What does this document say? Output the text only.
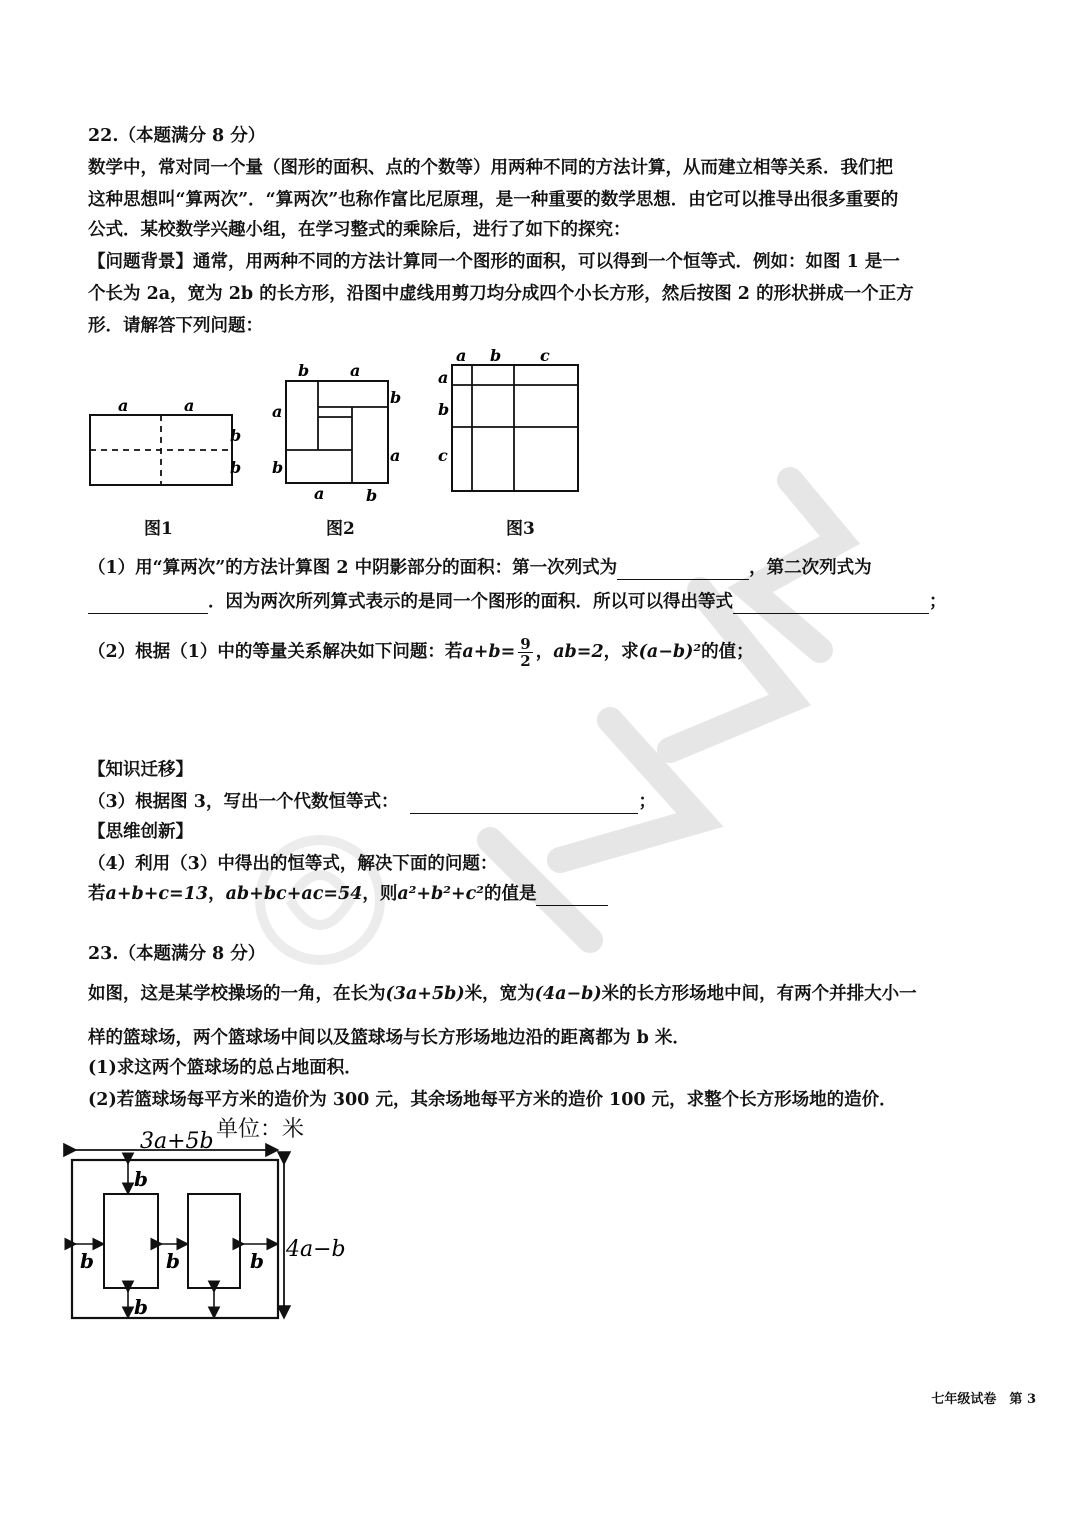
22.（本题满分 8 分）
数学中，常对同一个量（图形的面积、点的个数等）用两种不同的方法计算，从而建立相等关系．我们把
这种思想叫“算两次”．“算两次”也称作富比尼原理，是一种重要的数学思想．由它可以推导出很多重要的
公式．某校数学兴趣小组，在学习整式的乘除后，进行了如下的探究：
【问题背景】通常，用两种不同的方法计算同一个图形的面积，可以得到一个恒等式．例如：如图 1 是一
个长为 2a，宽为 2b 的长方形，沿图中虚线用剪刀均分成四个小长方形，然后按图 2 的形状拼成一个正方
形．请解答下列问题：
a	a
b
b
b	a
a
b
b
a
a	b
a b c
a
b
c
图1	图2	图3
（1）用“算两次”的方法计算图 2 中阴影部分的面积：第一次列式为	，第二次列式为
．因为两次所列算式表示的是同一个图形的面积．所以可以得出等式	；
（2）根据（1）中的等量关系解决如下问题：若$a+b= \frac{9}{2}$ ，ab=2，求(a−b)²的值；
【知识迁移】
（3）根据图 3，写出一个代数恒等式：	；
【思维创新】
（4）利用（3）中得出的恒等式，解决下面的问题：
若a+b+c=13，ab+bc+ac=54，则a²+b²+c²的值是
23.（本题满分 8 分）
如图，这是某学校操场的一角，在长为(3a+5b)米，宽为(4a−b)米的长方形场地中间，有两个并排大小一
样的篮球场，两个篮球场中间以及篮球场与长方形场地边沿的距离都为 b 米．
(1)求这两个篮球场的总占地面积．
(2)若篮球场每平方米的造价为 300 元，其余场地每平方米的造价 100 元，求整个长方形场地的造价．
单位：米
3a+5b
4a−b
b
b	b	b
b
七年级试卷　第 3
